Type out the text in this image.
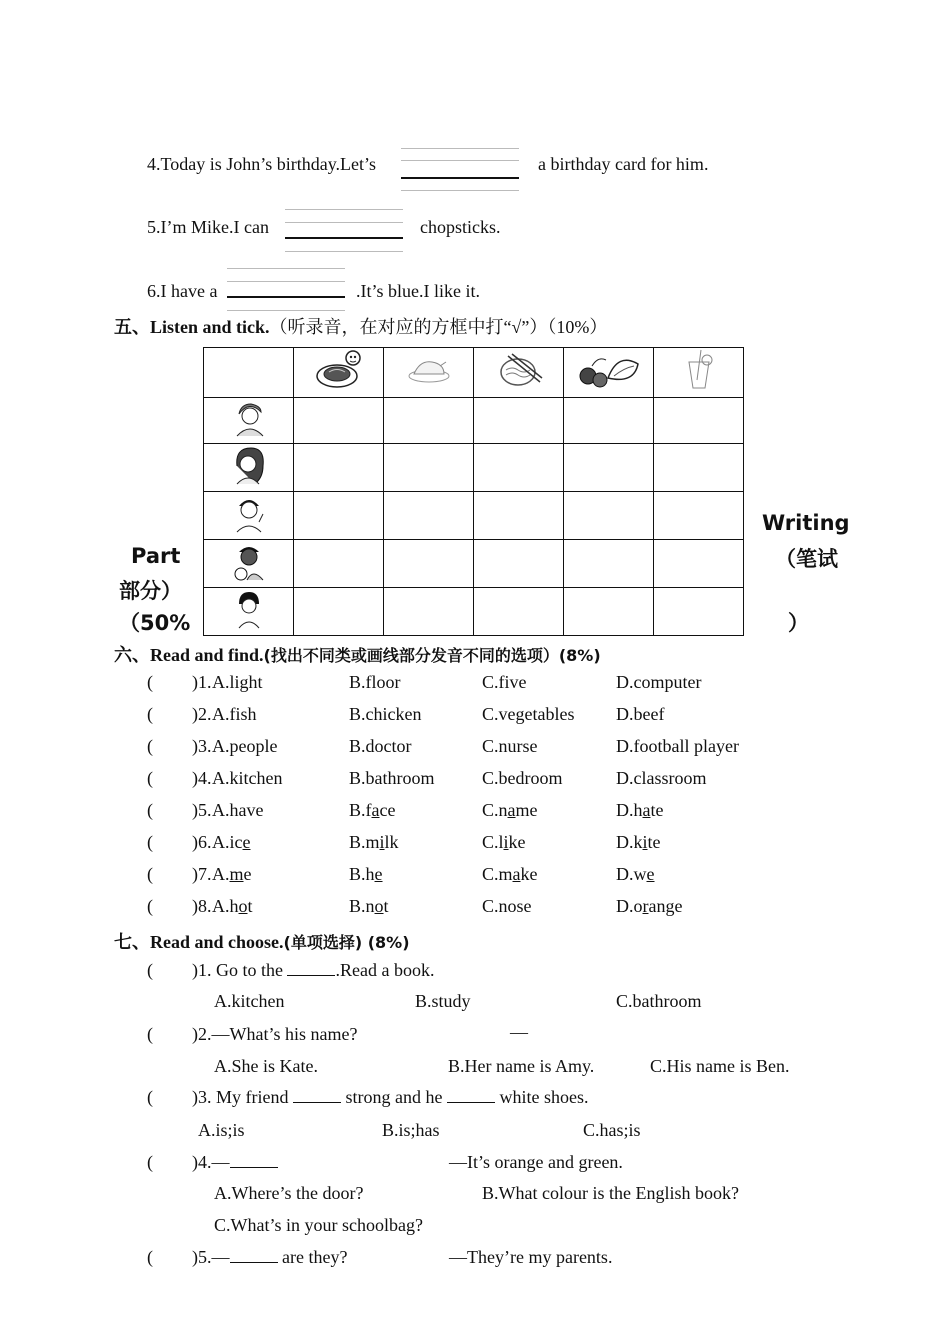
4.Today is John’s birthday.Let’s	a birthday card for him.
5.I’m Mike.I can	chopsticks.
6.I have a	.It’s blue.I like it.
五、Listen and tick.（听录音，在对应的方框中打“√”）（10%）

Part
部分）
（50%
Writing
（笔试
）
六、Read and find.(找出不同类或画线部分发音不同的选项）(8%)
( )1. A.light	B.floor	C.five	D.computer
( )2. A.fish	B.chicken	C.vegetables D.beef
( )3. A.people	B.doctor	C.nurse	D.football player
( )4. A.kitchen	B.bathroom	C.bedroom	D.classroom
( )5. A.have	B.face	C.name	D.hate
( )6. A.ice	B.milk	C.like	D.kite
( )7. A.me	B.he	C.make	D.we
( )8. A.hot	B.not	C.nose	D.orange
七、Read and choose.(单项选择) (8%)
( )1. Go to the	.Read a book.
A.kitchen	B.study	C.bathroom
( )2.—What’s his name?	—
A.She is Kate.	B.Her name is Amy.	C.His name is Ben.
( )3. My friend	strong and he	white shoes.
A.is;is	B.is;has	C.has;is
( )4.—	—It’s orange and green.
A.Where’s the door?	B.What colour is the English book?
C.What’s in your schoolbag?
( )5.—	are they?	—They’re my parents.
